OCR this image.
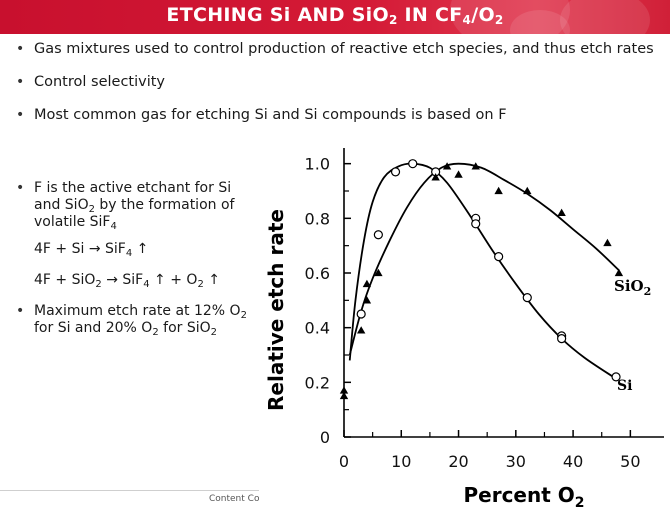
ETCHING Si AND SiO$_2$ IN $CF_4/O_2$
• Gas mixtures used to control production of reactive etch species, and thus etch rates
• Control selectivity
• Most common gas for etching Si and Si compounds is based on F
• F is the active etchant for Si and SiO$_2$ by the formation of volatile SiF$_4$
4F + Si → SiF$_4$ ↑
4F + SiO$_2$ → SiF$_4$ ↑ + $O_2$ ↑
• Maximum etch rate at 12% $O_2$ for Si and 20% $O_2$ for SiO$_2$
Content Co
0
0.2
0.4
0.6
0.8
1.0
0	10 20 30 40 50
SiO$_2$
Si
Percent $O_2$
Relative etch rate
